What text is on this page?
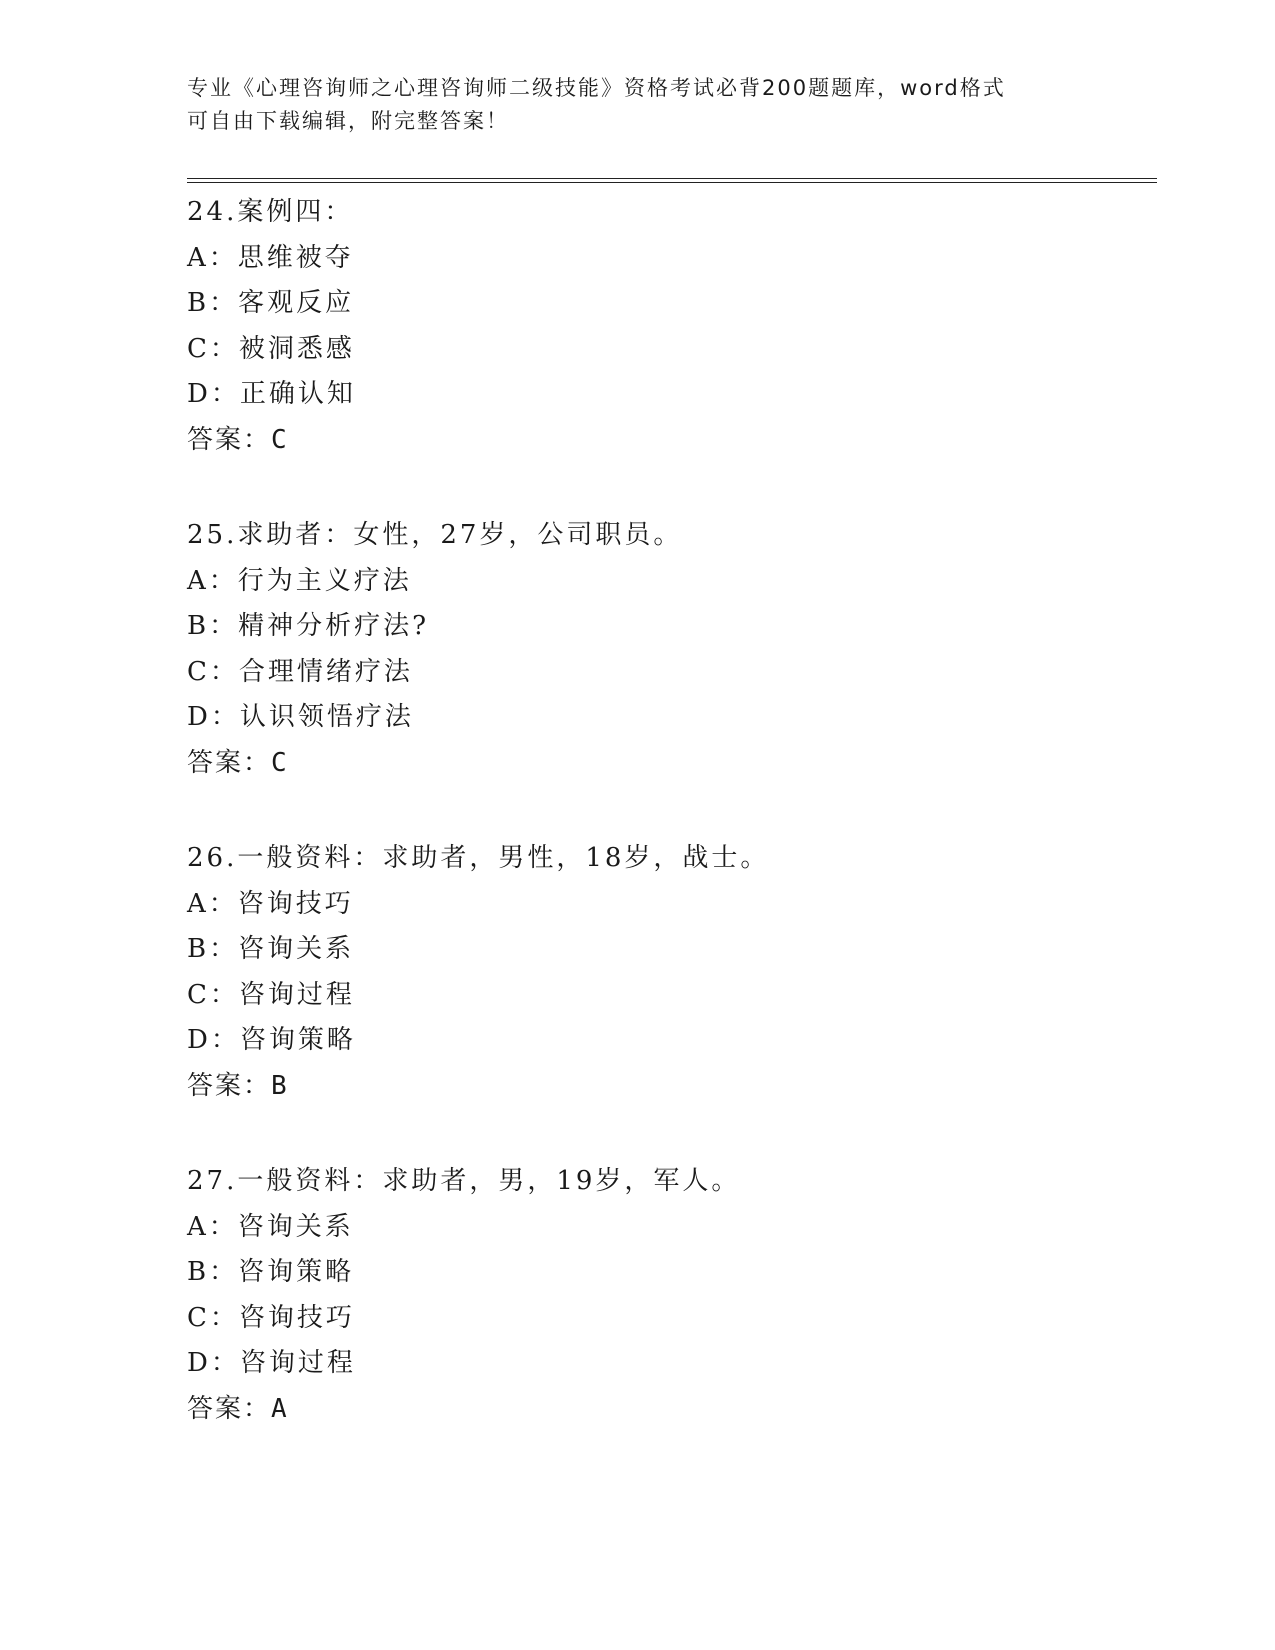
专业《心理咨询师之心理咨询师二级技能》资格考试必背200题题库，word格式
可自由下载编辑，附完整答案！
24.案例四：
A：思维被夺
B：客观反应
C：被洞悉感
D：正确认知
答案：C
25.求助者：女性，27岁，公司职员。
A：行为主义疗法
B：精神分析疗法?
C：合理情绪疗法
D：认识领悟疗法
答案：C
26.一般资料：求助者，男性，18岁，战士。
A：咨询技巧
B：咨询关系
C：咨询过程
D：咨询策略
答案：B
27.一般资料：求助者，男，19岁，军人。
A：咨询关系
B：咨询策略
C：咨询技巧
D：咨询过程
答案：A
